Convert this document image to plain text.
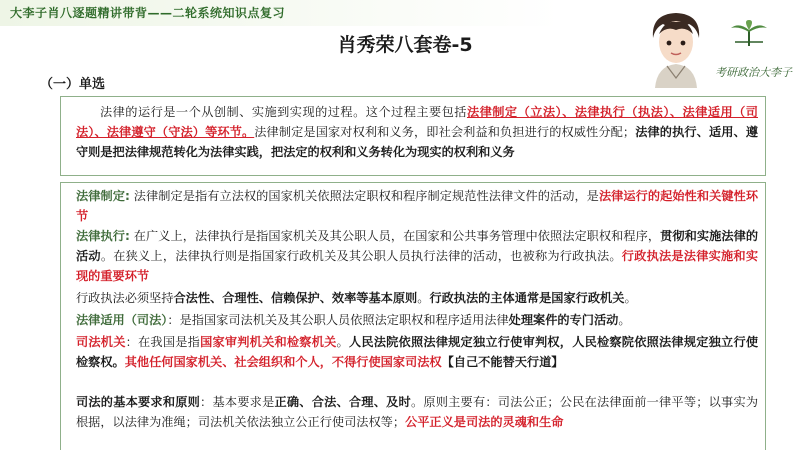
大李子肖八逐题精讲带背——二轮系统知识点复习
肖秀荣八套卷-5
（一）单选
考研政治大李子
法律的运行是一个从创制、实施到实现的过程。这个过程主要包括法律制定（立法）、法律执行（执法）、法律适用（司法）、法律遵守（守法）等环节。法律制定是国家对权利和义务，即社会利益和负担进行的权威性分配；法律的执行、适用、遵守则是把法律规范转化为法律实践，把法定的权利和义务转化为现实的权利和义务
法律制定: 法律制定是指有立法权的国家机关依照法定职权和程序制定规范性法律文件的活动，是法律运行的起始性和关键性环节
法律执行: 在广义上，法律执行是指国家机关及其公职人员，在国家和公共事务管理中依照法定职权和程序，贯彻和实施法律的活动。在狭义上，法律执行则是指国家行政机关及其公职人员执行法律的活动，也被称为行政执法。行政执法是法律实施和实现的重要环节
行政执法必须坚持合法性、合理性、信赖保护、效率等基本原则。行政执法的主体通常是国家行政机关。
法律适用（司法）：是指国家司法机关及其公职人员依照法定职权和程序适用法律处理案件的专门活动。
司法机关：在我国是指国家审判机关和检察机关。人民法院依照法律规定独立行使审判权，人民检察院依照法律规定独立行使检察权。其他任何国家机关、社会组织和个人，不得行使国家司法权【自己不能替天行道】
司法的基本要求和原则：基本要求是正确、合法、合理、及时。原则主要有：司法公正；公民在法律面前一律平等；以事实为根据，以法律为准绳；司法机关依法独立公正行使司法权等；公平正义是司法的灵魂和生命
